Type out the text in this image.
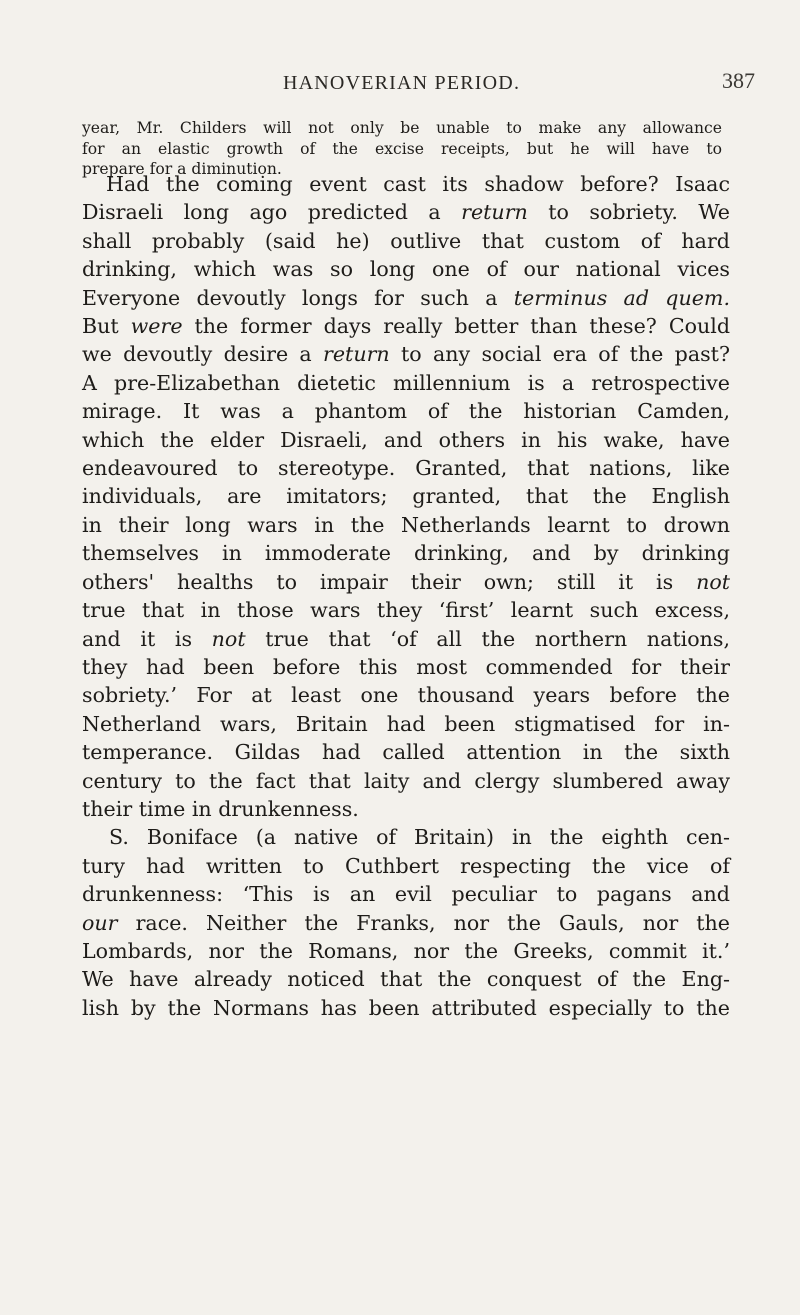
HANOVERIAN PERIOD.	387
year, Mr. Childers will not only be unable to make any allowance
for an elastic growth of the excise receipts, but he will have to
prepare for a diminution.
Had the coming event cast its shadow before? Isaac
Disraeli long ago predicted a return to sobriety. We
shall probably (said he) outlive that custom of hard
drinking, which was so long one of our national vices
Everyone devoutly longs for such a terminus ad quem.
But were the former days really better than these? Could
we devoutly desire a return to any social era of the past?
A pre-Elizabethan dietetic millennium is a retrospective
mirage. It was a phantom of the historian Camden,
which the elder Disraeli, and others in his wake, have
endeavoured to stereotype. Granted, that nations, like
individuals, are imitators; granted, that the English
in their long wars in the Netherlands learnt to drown
themselves in immoderate drinking, and by drinking
others' healths to impair their own; still it is not
true that in those wars they ‘first’ learnt such excess,
and it is not true that ‘of all the northern nations,
they had been before this most commended for their
sobriety.’ For at least one thousand years before the
Netherland wars, Britain had been stigmatised for in-
temperance. Gildas had called attention in the sixth
century to the fact that laity and clergy slumbered away
their time in drunkenness.
S. Boniface (a native of Britain) in the eighth cen-
tury had written to Cuthbert respecting the vice of
drunkenness: ‘This is an evil peculiar to pagans and
our race. Neither the Franks, nor the Gauls, nor the
Lombards, nor the Romans, nor the Greeks, commit it.’
We have already noticed that the conquest of the Eng-
lish by the Normans has been attributed especially to the
